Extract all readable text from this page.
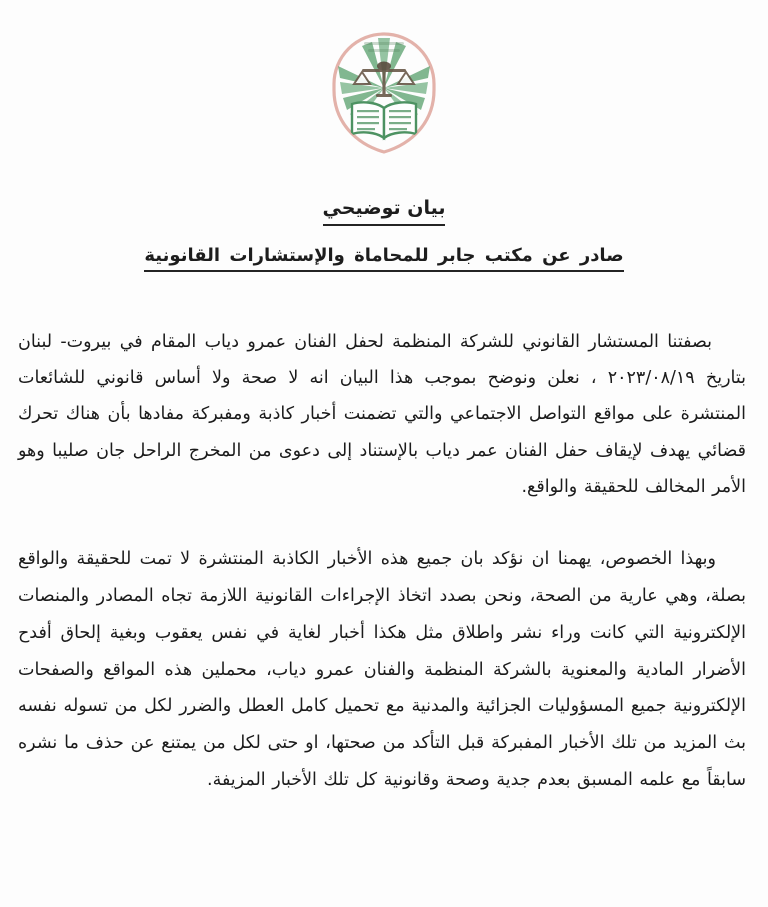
بيان توضيحي
صادر عن مكتب جابر للمحاماة والإستشارات القانونية

بصفتنا المستشار القانوني للشركة المنظمة لحفل الفنان عمرو دياب المقام في بيروت- لبنان بتاريخ ٢٠٢٣/٠٨/١٩ ، نعلن ونوضح بموجب هذا البيان انه لا صحة ولا أساس قانوني للشائعات المنتشرة على مواقع التواصل الاجتماعي والتي تضمنت أخبار كاذبة ومفبركة مفادها بأن هناك تحرك قضائي يهدف لإيقاف حفل الفنان عمر دياب بالإستناد إلى دعوى من المخرج الراحل جان صليبا وهو الأمر المخالف للحقيقة والواقع.

وبهذا الخصوص، يهمنا ان نؤكد بان جميع هذه الأخبار الكاذبة المنتشرة لا تمت للحقيقة والواقع بصلة، وهي عارية من الصحة، ونحن بصدد اتخاذ الإجراءات القانونية اللازمة تجاه المصادر والمنصات الإلكترونية التي كانت وراء نشر واطلاق مثل هكذا أخبار لغاية في نفس يعقوب وبغية إلحاق أفدح الأضرار المادية والمعنوية بالشركة المنظمة والفنان عمرو دياب، محملين هذه المواقع والصفحات الإلكترونية جميع المسؤوليات الجزائية والمدنية مع تحميل كامل العطل والضرر لكل من تسوله نفسه بث المزيد من تلك الأخبار المفبركة قبل التأكد من صحتها، او حتى لكل من يمتنع عن حذف ما نشره سابقاً مع علمه المسبق بعدم جدية وصحة وقانونية كل تلك الأخبار المزيفة.
